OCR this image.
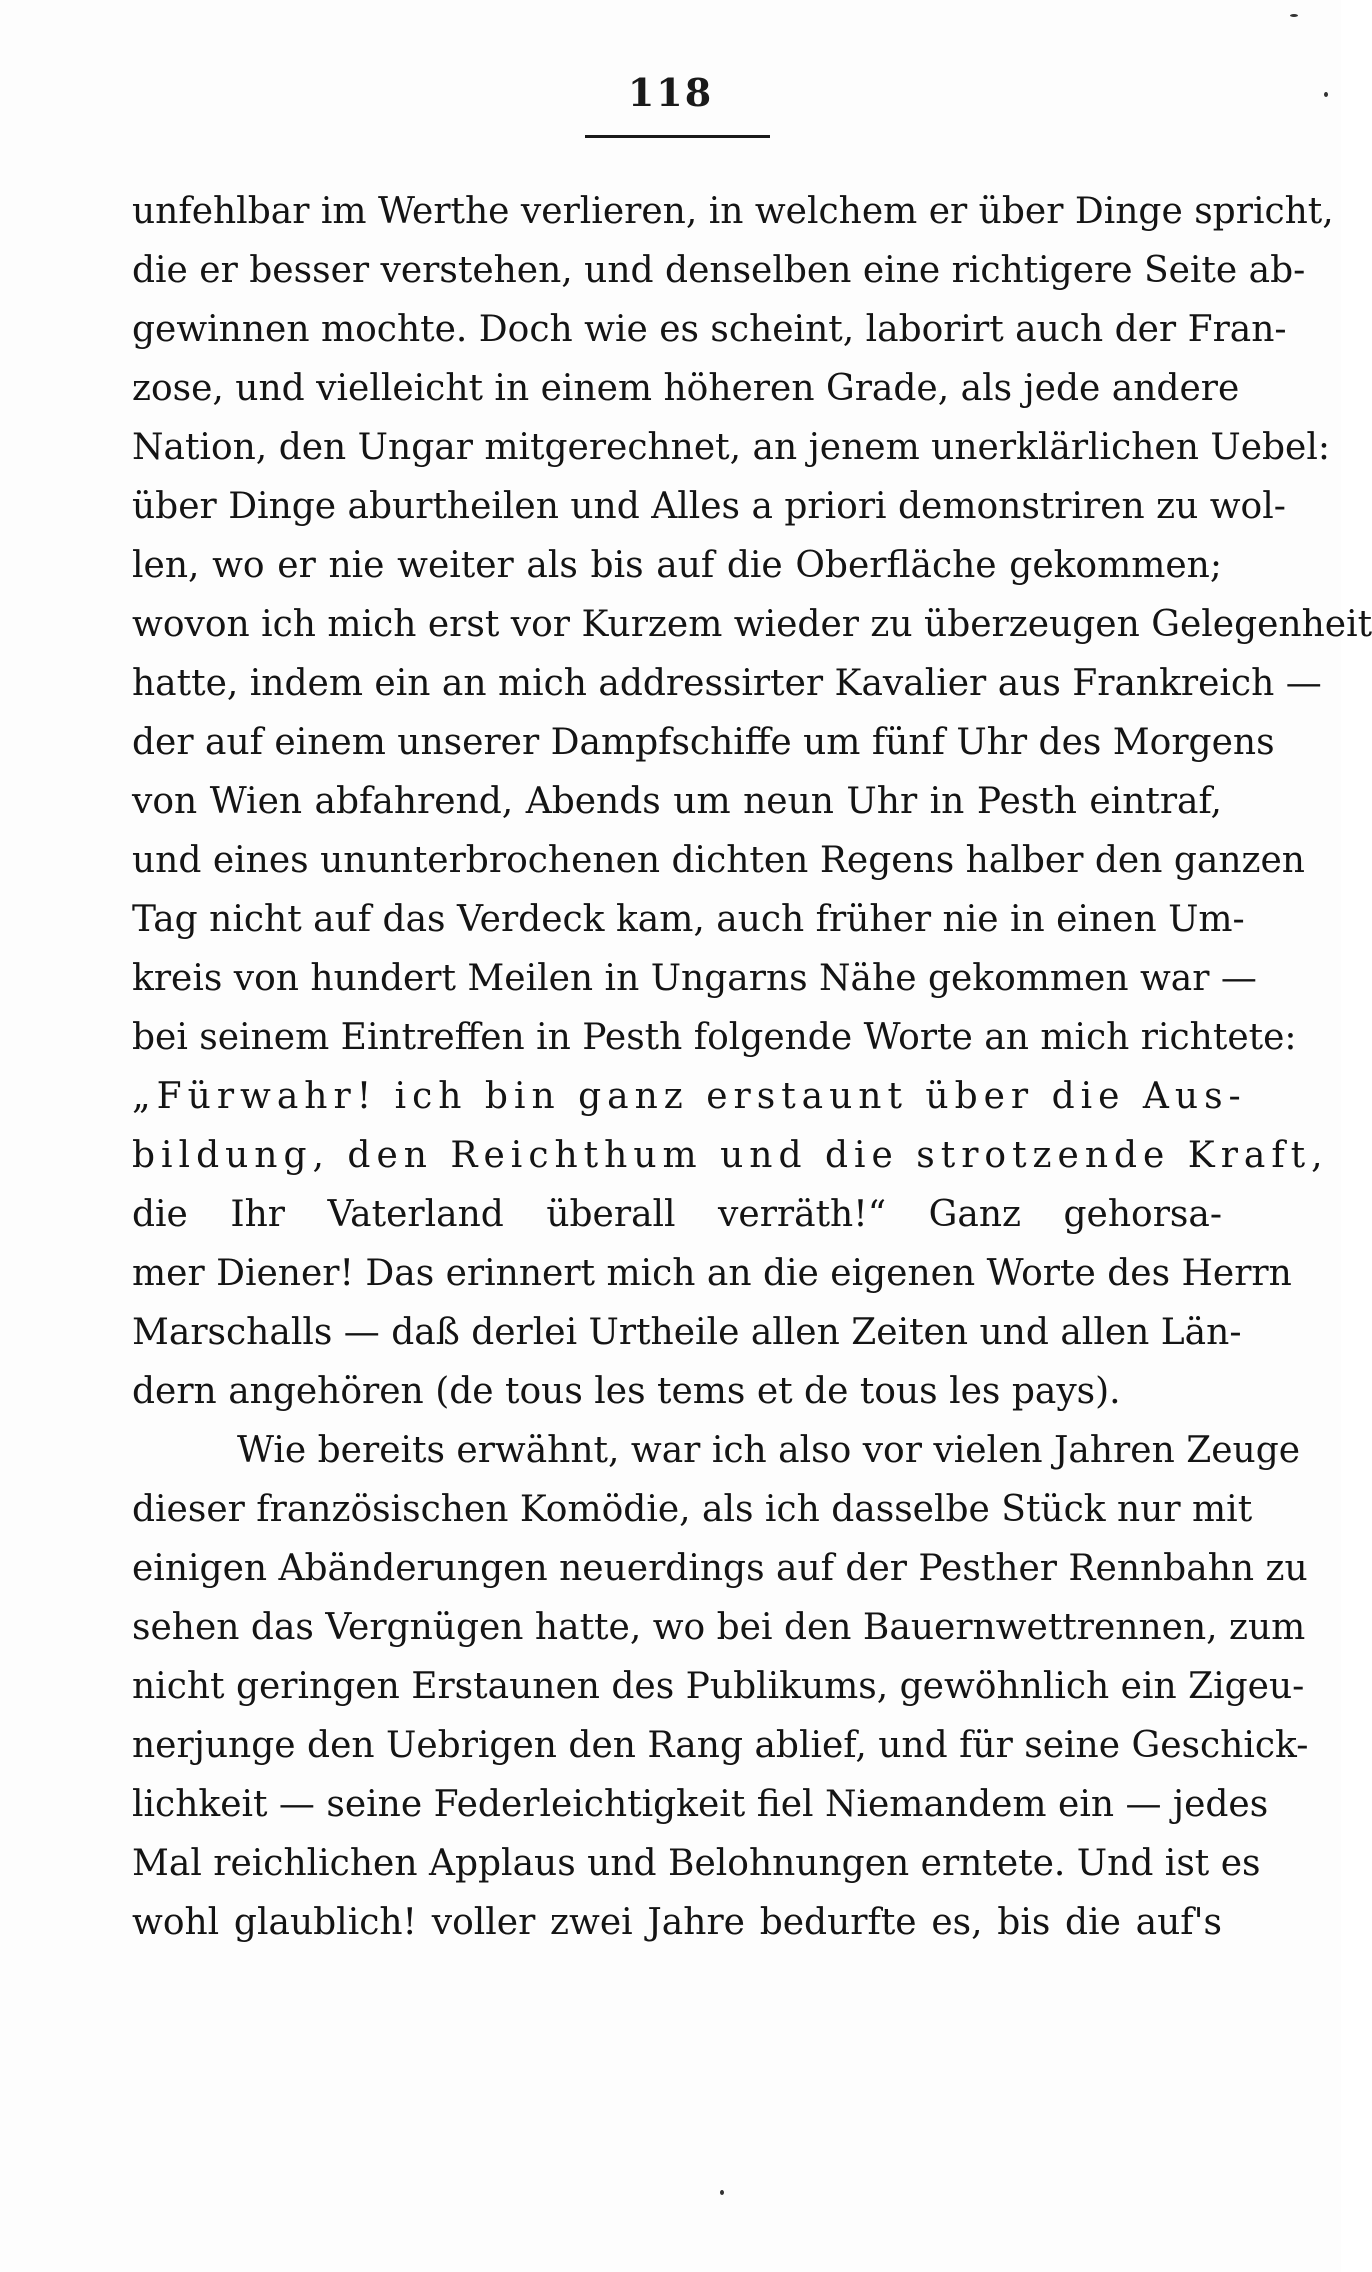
118
unfehlbar im Werthe verlieren, in welchem er über Dinge spricht,
die er besser verstehen, und denselben eine richtigere Seite ab-
gewinnen mochte. Doch wie es scheint, laborirt auch der Fran-
zose, und vielleicht in einem höheren Grade, als jede andere
Nation, den Ungar mitgerechnet, an jenem unerklärlichen Uebel:
über Dinge aburtheilen und Alles a priori demonstriren zu wol-
len, wo er nie weiter als bis auf die Oberfläche gekommen;
wovon ich mich erst vor Kurzem wieder zu überzeugen Gelegenheit
hatte, indem ein an mich addressirter Kavalier aus Frankreich —
der auf einem unserer Dampfschiffe um fünf Uhr des Morgens
von Wien abfahrend, Abends um neun Uhr in Pesth eintraf,
und eines ununterbrochenen dichten Regens halber den ganzen
Tag nicht auf das Verdeck kam, auch früher nie in einen Um-
kreis von hundert Meilen in Ungarns Nähe gekommen war —
bei seinem Eintreffen in Pesth folgende Worte an mich richtete:
„Fürwahr! ich bin ganz erstaunt über die Aus-
bildung, den Reichthum und die strotzende Kraft,
die Ihr Vaterland überall verräth!“ Ganz gehorsa-
mer Diener! Das erinnert mich an die eigenen Worte des Herrn
Marschalls — daß derlei Urtheile allen Zeiten und allen Län-
dern angehören (de tous les tems et de tous les pays).
Wie bereits erwähnt, war ich also vor vielen Jahren Zeuge
dieser französischen Komödie, als ich dasselbe Stück nur mit
einigen Abänderungen neuerdings auf der Pesther Rennbahn zu
sehen das Vergnügen hatte, wo bei den Bauernwettrennen, zum
nicht geringen Erstaunen des Publikums, gewöhnlich ein Zigeu-
nerjunge den Uebrigen den Rang ablief, und für seine Geschick-
lichkeit — seine Federleichtigkeit fiel Niemandem ein — jedes
Mal reichlichen Applaus und Belohnungen erntete. Und ist es
wohl glaublich! voller zwei Jahre bedurfte es, bis die auf's
